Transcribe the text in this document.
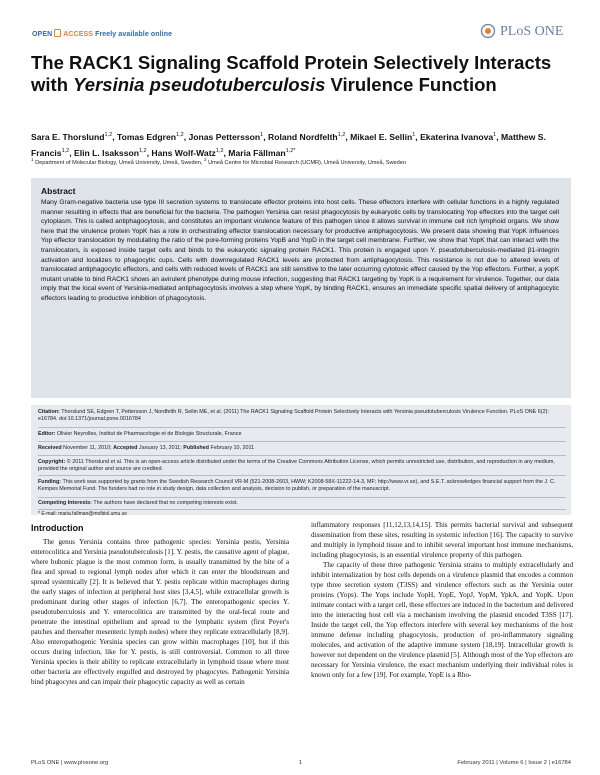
OPEN ACCESS Freely available online	PLoS ONE
The RACK1 Signaling Scaffold Protein Selectively Interacts with Yersinia pseudotuberculosis Virulence Function
Sara E. Thorslund$^{1,2}$, Tomas Edgren$^{1,2}$, Jonas Pettersson$^1$, Roland Nordfelth$^{1,2}$, Mikael E. Sellin$^1$, Ekaterina Ivanova$^1$, Matthew S. Francis$^{1,2}$, Elin L. Isaksson$^{1,2}$, Hans Wolf-Watz$^{1,2}$, Maria Fällman$^{1,2*}$
$^1$ Department of Molecular Biology, Umeå University, Umeå, Sweden, $^2$ Umeå Centre for Microbial Research (UCMR), Umeå University, Umeå, Sweden
Abstract
Many Gram-negative bacteria use type III secretion systems to translocate effector proteins into host cells. These effectors interfere with cellular functions in a highly regulated manner resulting in effects that are beneficial for the bacteria. The pathogen Yersinia can resist phagocytosis by eukaryotic cells by translocating Yop effectors into the target cell cytoplasm. This is called antiphagocytosis, and constitutes an important virulence feature of this pathogen since it allows survival in immune cell rich lymphoid organs. We show here that the virulence protein YopK has a role in orchestrating effector translocation necessary for productive antiphagocytosis. We present data showing that YopK influences Yop effector translocation by modulating the ratio of the pore-forming proteins YopB and YopD in the target cell membrane. Further, we show that YopK that can interact with the translocators, is exposed inside target cells and binds to the eukaryotic signaling protein RACK1. This protein is engaged upon Y. pseudotuberculosis-mediated β1-integrin activation and localizes to phagocytic cups. Cells with downregulated RACK1 levels are protected from antiphagocytosis. This resistance is not due to altered levels of translocated antiphagocytic effectors, and cells with reduced levels of RACK1 are still sensitive to the later occurring cytotoxic effect caused by the Yop effectors. Further, a yopK mutant unable to bind RACK1 shows an avirulent phenotype during mouse infection, suggesting that RACK1 targeting by YopK is a requirement for virulence. Together, our data imply that the local event of Yersinia-mediated antiphagocytosis involves a step where YopK, by binding RACK1, ensures an immediate specific spatial delivery of antiphagocytic effectors leading to productive inhibition of phagocytosis.
Citation: Thorslund SE, Edgren T, Pettersson J, Nordfelth R, Sellin ME, et al. (2011) The RACK1 Signaling Scaffold Protein Selectively Interacts with Yersinia pseudotuberculosis Virulence Function. PLoS ONE 6(2): e16784. doi:10.1371/journal.pone.0016784
Editor: Olivier Neyrolles, Institut de Pharmacologie et de Biologie Structurale, France
Received November 11, 2010; Accepted January 13, 2011; Published February 10, 2011
Copyright: © 2011 Thorslund et al. This is an open-access article distributed under the terms of the Creative Commons Attribution License, which permits unrestricted use, distribution, and reproduction in any medium, provided the original author and source are credited.
Funding: This work was supported by grants from the Swedish Research Council VR-M (521-2008-2603, HWW; K2008-58X-11222-14-3, MF; http://www.vr.se), and S.E.T. acknowledges financial support from the J. C. Kempes Memorial Fund. The funders had no role in study design, data collection and analysis, decision to publish, or preparation of the manuscript.
Competing Interests: The authors have declared that no competing interests exist.
* E-mail: maria.fallman@molbiol.umu.se
Introduction
The genus Yersinia contains three pathogenic species: Yersinia pestis, Yersinia enterocolitica and Yersinia pseudotuberculosis [1]. Y. pestis, the causative agent of plague, where bubonic plague is the most common form, is usually transmitted by the bite of a flea and spread to regional lymph nodes after which it can enter the bloodstream and spread systemically [2]. It is believed that Y. pestis replicate within macrophages during the early stages of infection at peripheral host sites [3,4,5], while extracellular growth is predominant during other stages of infection [6,7]. The enteropathogenic species Y. pseudotuberculosis and Y. enterocolitica are transmitted by the oral-fecal route and penetrate the intestinal epithelium and spread to the lymphatic system (first Peyer's patches and thereafter mesenteric lymph nodes) where they replicate extracellularly [8,9]. Also enteropathogenic Yersinia species can grow within macrophages [10], but if this occurs during infection, like for Y. pestis, is still controversial. Common to all three Yersinia species is their ability to replicate extracellularly in lymphoid tissue where most other bacteria are effectively engulfed and destroyed by phagocytes. Pathogenic Yersinia bind phagocytes and can impair their phagocytic capacity as well as certain

inflammatory responses [11,12,13,14,15]. This permits bacterial survival and subsequent dissemination from these sites, resulting in systemic infection [16]. The capacity to survive and multiply in lymphoid tissue and to inhibit several important host immune mechanisms, including phagocytosis, is an essential virulence property of this pathogen.

The capacity of these three pathogenic Yersinia strains to multiply extracellularly and inhibit internalization by host cells depends on a virulence plasmid that encodes a common type three secretion system (T3SS) and virulence effectors such as the Yersinia outer proteins (Yops). The Yops include YopH, YopE, YopJ, YopM, YpkA, and YopK. Upon intimate contact with a target cell, these effectors are induced in the bacterium and delivered into the interacting host cell via a mechanism involving the plasmid encoded T3SS [17]. Inside the target cell, the Yop effectors interfere with several key mechanisms of the host immune defense including phagocytosis, production of pro-inflammatory signaling molecules, and activation of the adaptive immune system [18,19]. Intracellular growth is however not dependent on the virulence plasmid [5]. Although most of the Yop effectors are necessary for Yersinia virulence, the exact mechanism underlying their individual roles is known only for a few [19]. For example, YopE is a Rho-

PLoS ONE | www.plosone.org	1	February 2011 | Volume 6 | Issue 2 | e16784
